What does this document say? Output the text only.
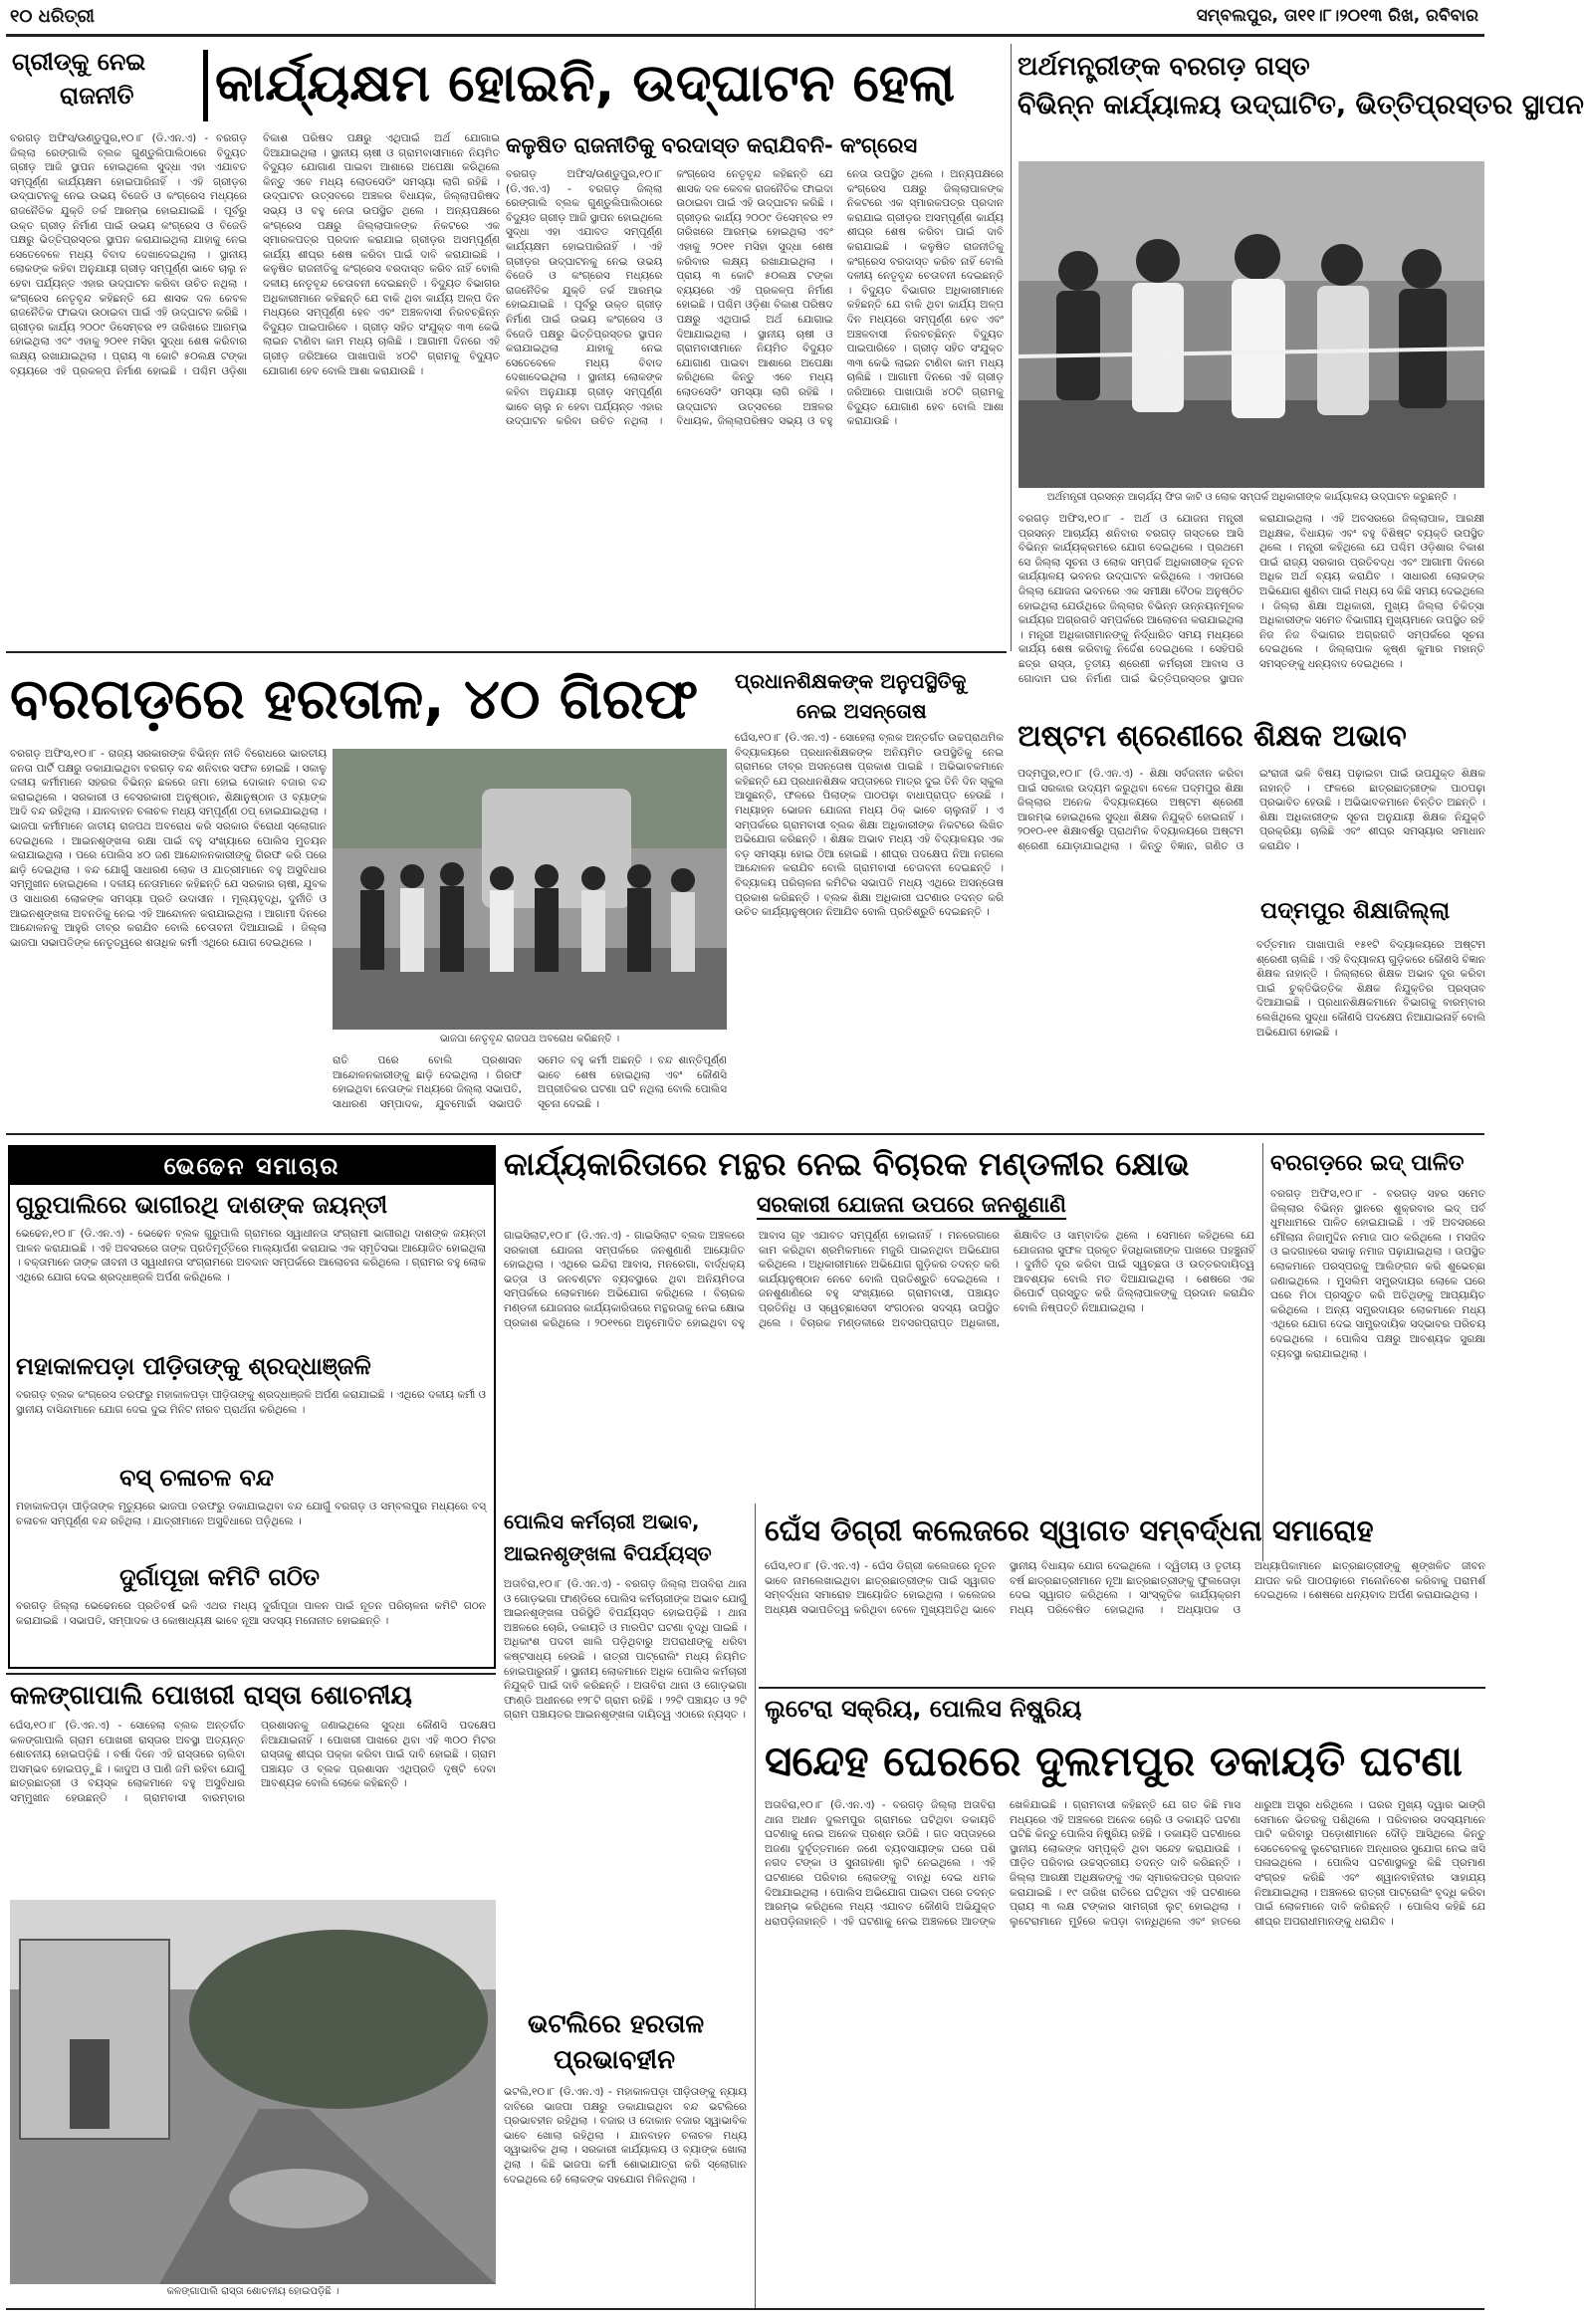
୧୦ ଧରିତ୍ରୀ	ସମ୍ବଲପୁର, ତା୧୧।୮।୨୦୧୩ ରିଖ, ରବିବାର
ଗ୍ରୀଡ୍‌କୁ ନେଇ
ରାଜନୀତି କାର୍ଯ୍ୟକ୍ଷମ ହୋଇନି, ଉଦ୍‌ଘାଟନ ହେଲା
ବରଗଡ଼ ଅଫିସ/ଉଣ୍ଡୁପୁର,୧୦।୮ (ଡି.ଏନ.ଏ) - ବରଗଡ଼ ଜିଲ୍ଲା ରେଙ୍ଗାଲି ବ୍ଲକ ଗୁଣ୍ଡୁଲିପାଲିଠାରେ ବିଦ୍ୟୁତ ଗ୍ରୀଡ଼ ଆଜି ସ୍ଥାପନ ହୋଇଥିଲେ ସୁଦ୍ଧା ଏହା ଏଯାବତ ସମ୍ପୂର୍ଣ୍ଣ କାର୍ଯ୍ୟକ୍ଷମ ହୋଇପାରିନାହିଁ । ଏହି ଗ୍ରୀଡ଼ର ଉଦ୍‌ଘାଟନକୁ ନେଇ ଉଭୟ ବିଜେଡି ଓ କଂଗ୍ରେସ ମଧ୍ୟରେ ରାଜନୈତିକ ଯୁକ୍ତି ତର୍କ ଆରମ୍ଭ ହୋଇଯାଇଛି । ପୂର୍ବରୁ ଉକ୍ତ ଗ୍ରୀଡ଼ ନିର୍ମାଣ ପାଇଁ ଉଭୟ କଂଗ୍ରେସ ଓ ବିଜେଡି ପକ୍ଷରୁ ଭିତ୍ତିପ୍ରସ୍ତର ସ୍ଥାପନ କରାଯାଇଥିଲା ଯାହାକୁ ନେଇ ସେତେବେଳେ ମଧ୍ୟ ବିବାଦ ଦେଖାଦେଇଥିଲା । ସ୍ଥାନୀୟ ଲୋକଙ୍କ କହିବା ଅନୁଯାୟୀ ଗ୍ରୀଡ଼ ସମ୍ପୂର୍ଣ୍ଣ ଭାବେ ଚାଲୁ ନ ହେବା ପର୍ଯ୍ୟନ୍ତ ଏହାର ଉଦ୍‌ଘାଟନ କରିବା ଉଚିତ ନଥିଲା । କଂଗ୍ରେସ ନେତୃବୃନ୍ଦ କହିଛନ୍ତି ଯେ ଶାସକ ଦଳ କେବଳ ରାଜନୈତିକ ଫାଇଦା ଉଠାଇବା ପାଇଁ ଏହି ଉଦ୍‌ଘାଟନ କରିଛି । ଗ୍ରୀଡ଼ର କାର୍ଯ୍ୟ ୨୦୦୯ ଡିସେମ୍ବର ୧୨ ତାରିଖରେ ଆରମ୍ଭ ହୋଇଥିଲା ଏବଂ ଏହାକୁ ୨୦୧୧ ମସିହା ସୁଦ୍ଧା ଶେଷ କରିବାର ଲକ୍ଷ୍ୟ ରଖାଯାଇଥିଲା । ପ୍ରାୟ ୩ କୋଟି ୫୦ଲକ୍ଷ ଟଙ୍କା ବ୍ୟୟରେ ଏହି ପ୍ରକଳ୍ପ ନିର୍ମାଣ ହୋଇଛି । ପଶ୍ଚିମ ଓଡ଼ିଶା ବିକାଶ ପରିଷଦ ପକ୍ଷରୁ ଏଥିପାଇଁ ଅର୍ଥ ଯୋଗାଇ ଦିଆଯାଇଥିଲା । ସ୍ଥାନୀୟ ଚାଷୀ ଓ ଗ୍ରାମବାସୀମାନେ ନିୟମିତ ବିଦ୍ୟୁତ ଯୋଗାଣ ପାଇବା ଆଶାରେ ଅପେକ୍ଷା କରିଥିଲେ କିନ୍ତୁ ଏବେ ମଧ୍ୟ ଲୋଡସେଡିଂ ସମସ୍ୟା ଲାଗି ରହିଛି । ଉଦ୍‌ଘାଟନ ଉତ୍ସବରେ ଅଞ୍ଚଳର ବିଧାୟକ, ଜିଲ୍ଲାପରିଷଦ ସଭ୍ୟ ଓ ବହୁ ନେତା ଉପସ୍ଥିତ ଥିଲେ । ଅନ୍ୟପକ୍ଷରେ କଂଗ୍ରେସ ପକ୍ଷରୁ ଜିଲ୍ଲାପାଳଙ୍କ ନିକଟରେ ଏକ ସ୍ମାରକପତ୍ର ପ୍ରଦାନ କରାଯାଇ ଗ୍ରୀଡ଼ର ଅସମ୍ପୂର୍ଣ୍ଣ କାର୍ଯ୍ୟ ଶୀଘ୍ର ଶେଷ କରିବା ପାଇଁ ଦାବି କରାଯାଇଛି । କଳୁଷିତ ରାଜନୀତିକୁ କଂଗ୍ରେସ ବରଦାସ୍ତ କରିବ ନାହିଁ ବୋଲି ଦଳୀୟ ନେତୃବୃନ୍ଦ ଚେତାବନୀ ଦେଇଛନ୍ତି । ବିଦ୍ୟୁତ ବିଭାଗର ଅଧିକାରୀମାନେ କହିଛନ୍ତି ଯେ ବାକି ଥିବା କାର୍ଯ୍ୟ ଅଳ୍ପ ଦିନ ମଧ୍ୟରେ ସମ୍ପୂର୍ଣ୍ଣ ହେବ ଏବଂ ଅଞ୍ଚଳବାସୀ ନିରବଚ୍ଛିନ୍ନ ବିଦ୍ୟୁତ ପାଇପାରିବେ । ଗ୍ରୀଡ଼ ସହିତ ସଂଯୁକ୍ତ ୩୩ କେଭି ଲାଇନ ଟାଣିବା କାମ ମଧ୍ୟ ଚାଲିଛି । ଆଗାମୀ ଦିନରେ ଏହି ଗ୍ରୀଡ଼ ଜରିଆରେ ପାଖାପାଖି ୪୦ଟି ଗ୍ରାମକୁ ବିଦ୍ୟୁତ ଯୋଗାଣ ହେବ ବୋଲି ଆଶା କରାଯାଉଛି ।
କଳୁଷିତ ରାଜନୀତିକୁ ବରଦାସ୍ତ କରାଯିବନି- କଂଗ୍ରେସ
ବରଗଡ଼ ଅଫିସ/ଉଣ୍ଡୁପୁର,୧୦।୮ (ଡି.ଏନ.ଏ) - ବରଗଡ଼ ଜିଲ୍ଲା ରେଙ୍ଗାଲି ବ୍ଲକ ଗୁଣ୍ଡୁଲିପାଲିଠାରେ ବିଦ୍ୟୁତ ଗ୍ରୀଡ଼ ଆଜି ସ୍ଥାପନ ହୋଇଥିଲେ ସୁଦ୍ଧା ଏହା ଏଯାବତ ସମ୍ପୂର୍ଣ୍ଣ କାର୍ଯ୍ୟକ୍ଷମ ହୋଇପାରିନାହିଁ । ଏହି ଗ୍ରୀଡ଼ର ଉଦ୍‌ଘାଟନକୁ ନେଇ ଉଭୟ ବିଜେଡି ଓ କଂଗ୍ରେସ ମଧ୍ୟରେ ରାଜନୈତିକ ଯୁକ୍ତି ତର୍କ ଆରମ୍ଭ ହୋଇଯାଇଛି । ପୂର୍ବରୁ ଉକ୍ତ ଗ୍ରୀଡ଼ ନିର୍ମାଣ ପାଇଁ ଉଭୟ କଂଗ୍ରେସ ଓ ବିଜେଡି ପକ୍ଷରୁ ଭିତ୍ତିପ୍ରସ୍ତର ସ୍ଥାପନ କରାଯାଇଥିଲା ଯାହାକୁ ନେଇ ସେତେବେଳେ ମଧ୍ୟ ବିବାଦ ଦେଖାଦେଇଥିଲା । ସ୍ଥାନୀୟ ଲୋକଙ୍କ କହିବା ଅନୁଯାୟୀ ଗ୍ରୀଡ଼ ସମ୍ପୂର୍ଣ୍ଣ ଭାବେ ଚାଲୁ ନ ହେବା ପର୍ଯ୍ୟନ୍ତ ଏହାର ଉଦ୍‌ଘାଟନ କରିବା ଉଚିତ ନଥିଲା । କଂଗ୍ରେସ ନେତୃବୃନ୍ଦ କହିଛନ୍ତି ଯେ ଶାସକ ଦଳ କେବଳ ରାଜନୈତିକ ଫାଇଦା ଉଠାଇବା ପାଇଁ ଏହି ଉଦ୍‌ଘାଟନ କରିଛି । ଗ୍ରୀଡ଼ର କାର୍ଯ୍ୟ ୨୦୦୯ ଡିସେମ୍ବର ୧୨ ତାରିଖରେ ଆରମ୍ଭ ହୋଇଥିଲା ଏବଂ ଏହାକୁ ୨୦୧୧ ମସିହା ସୁଦ୍ଧା ଶେଷ କରିବାର ଲକ୍ଷ୍ୟ ରଖାଯାଇଥିଲା । ପ୍ରାୟ ୩ କୋଟି ୫୦ଲକ୍ଷ ଟଙ୍କା ବ୍ୟୟରେ ଏହି ପ୍ରକଳ୍ପ ନିର୍ମାଣ ହୋଇଛି । ପଶ୍ଚିମ ଓଡ଼ିଶା ବିକାଶ ପରିଷଦ ପକ୍ଷରୁ ଏଥିପାଇଁ ଅର୍ଥ ଯୋଗାଇ ଦିଆଯାଇଥିଲା । ସ୍ଥାନୀୟ ଚାଷୀ ଓ ଗ୍ରାମବାସୀମାନେ ନିୟମିତ ବିଦ୍ୟୁତ ଯୋଗାଣ ପାଇବା ଆଶାରେ ଅପେକ୍ଷା କରିଥିଲେ କିନ୍ତୁ ଏବେ ମଧ୍ୟ ଲୋଡସେଡିଂ ସମସ୍ୟା ଲାଗି ରହିଛି । ଉଦ୍‌ଘାଟନ ଉତ୍ସବରେ ଅଞ୍ଚଳର ବିଧାୟକ, ଜିଲ୍ଲାପରିଷଦ ସଭ୍ୟ ଓ ବହୁ ନେତା ଉପସ୍ଥିତ ଥିଲେ । ଅନ୍ୟପକ୍ଷରେ କଂଗ୍ରେସ ପକ୍ଷରୁ ଜିଲ୍ଲାପାଳଙ୍କ ନିକଟରେ ଏକ ସ୍ମାରକପତ୍ର ପ୍ରଦାନ କରାଯାଇ ଗ୍ରୀଡ଼ର ଅସମ୍ପୂର୍ଣ୍ଣ କାର୍ଯ୍ୟ ଶୀଘ୍ର ଶେଷ କରିବା ପାଇଁ ଦାବି କରାଯାଇଛି । କଳୁଷିତ ରାଜନୀତିକୁ କଂଗ୍ରେସ ବରଦାସ୍ତ କରିବ ନାହିଁ ବୋଲି ଦଳୀୟ ନେତୃବୃନ୍ଦ ଚେତାବନୀ ଦେଇଛନ୍ତି । ବିଦ୍ୟୁତ ବିଭାଗର ଅଧିକାରୀମାନେ କହିଛନ୍ତି ଯେ ବାକି ଥିବା କାର୍ଯ୍ୟ ଅଳ୍ପ ଦିନ ମଧ୍ୟରେ ସମ୍ପୂର୍ଣ୍ଣ ହେବ ଏବଂ ଅଞ୍ଚଳବାସୀ ନିରବଚ୍ଛିନ୍ନ ବିଦ୍ୟୁତ ପାଇପାରିବେ । ଗ୍ରୀଡ଼ ସହିତ ସଂଯୁକ୍ତ ୩୩ କେଭି ଲାଇନ ଟାଣିବା କାମ ମଧ୍ୟ ଚାଲିଛି । ଆଗାମୀ ଦିନରେ ଏହି ଗ୍ରୀଡ଼ ଜରିଆରେ ପାଖାପାଖି ୪୦ଟି ଗ୍ରାମକୁ ବିଦ୍ୟୁତ ଯୋଗାଣ ହେବ ବୋଲି ଆଶା କରାଯାଉଛି ।
ଅର୍ଥମନ୍ତ୍ରୀଙ୍କ ବରଗଡ଼ ଗସ୍ତ
ବିଭିନ୍ନ କାର୍ଯ୍ୟାଳୟ ଉଦ୍‌ଘାଟିତ, ଭିତ୍ତିପ୍ରସ୍ତର ସ୍ଥାପନ
ଅର୍ଥମନ୍ତ୍ରୀ ପ୍ରସନ୍ନ ଆଚାର୍ଯ୍ୟ ଫିତା କାଟି ଓ ଲୋକ ସମ୍ପର୍କ ଅଧିକାରୀଙ୍କ କାର୍ଯ୍ୟାଳୟ ଉଦ୍‌ଘାଟନ କରୁଛନ୍ତି ।
ବରଗଡ଼ ଅଫିସ,୧୦।୮ - ଅର୍ଥ ଓ ଯୋଜନା ମନ୍ତ୍ରୀ ପ୍ରସନ୍ନ ଆଚାର୍ଯ୍ୟ ଶନିବାର ବରଗଡ଼ ଗସ୍ତରେ ଆସି ବିଭିନ୍ନ କାର୍ଯ୍ୟକ୍ରମରେ ଯୋଗ ଦେଇଥିଲେ । ପ୍ରଥମେ ସେ ଜିଲ୍ଲା ସୂଚନା ଓ ଲୋକ ସମ୍ପର୍କ ଅଧିକାରୀଙ୍କ ନୂତନ କାର୍ଯ୍ୟାଳୟ ଭବନର ଉଦ୍‌ଘାଟନ କରିଥିଲେ । ଏହାପରେ ଜିଲ୍ଲା ଯୋଜନା ଭବନରେ ଏକ ସମୀକ୍ଷା ବୈଠକ ଅନୁଷ୍ଠିତ ହୋଇଥିଲା ଯେଉଁଥିରେ ଜିଲ୍ଲାର ବିଭିନ୍ନ ଉନ୍ନୟନମୂଳକ କାର୍ଯ୍ୟର ଅଗ୍ରଗତି ସମ୍ପର୍କରେ ଆଲୋଚନା କରାଯାଇଥିଲା । ମନ୍ତ୍ରୀ ଅଧିକାରୀମାନଙ୍କୁ ନିର୍ଦ୍ଧାରିତ ସମୟ ମଧ୍ୟରେ କାର୍ଯ୍ୟ ଶେଷ କରିବାକୁ ନିର୍ଦ୍ଦେଶ ଦେଇଥିଲେ । ସେହିପରି ଛତ୍ର ରାସ୍ତା, ତୃତୀୟ ଶ୍ରେଣୀ କର୍ମଚାରୀ ଆବାସ ଓ ଗୋଦାମ ଘର ନିର୍ମାଣ ପାଇଁ ଭିତ୍ତିପ୍ରସ୍ତର ସ୍ଥାପନ କରାଯାଇଥିଲା । ଏହି ଅବସରରେ ଜିଲ୍ଲାପାଳ, ଆରକ୍ଷୀ ଅଧିକ୍ଷକ, ବିଧାୟକ ଏବଂ ବହୁ ବିଶିଷ୍ଟ ବ୍ୟକ୍ତି ଉପସ୍ଥିତ ଥିଲେ । ମନ୍ତ୍ରୀ କହିଥିଲେ ଯେ ପଶ୍ଚିମ ଓଡ଼ିଶାର ବିକାଶ ପାଇଁ ରାଜ୍ୟ ସରକାର ପ୍ରତିବଦ୍ଧ ଏବଂ ଆଗାମୀ ଦିନରେ ଅଧିକ ଅର୍ଥ ବ୍ୟୟ କରାଯିବ । ସାଧାରଣ ଲୋକଙ୍କ ଅଭିଯୋଗ ଶୁଣିବା ପାଇଁ ମଧ୍ୟ ସେ କିଛି ସମୟ ଦେଇଥିଲେ । ଜିଲ୍ଲା ଶିକ୍ଷା ଅଧିକାରୀ, ମୁଖ୍ୟ ଜିଲ୍ଲା ଚିକିତ୍ସା ଅଧିକାରୀଙ୍କ ସମେତ ବିଭାଗୀୟ ମୁଖ୍ୟମାନେ ଉପସ୍ଥିତ ରହି ନିଜ ନିଜ ବିଭାଗର ଅଗ୍ରଗତି ସମ୍ପର୍କରେ ସୂଚନା ଦେଇଥିଲେ । ଜିଲ୍ଲାପାଳ କୃଷ୍ଣ କୁମାର ମହାନ୍ତି ସମସ୍ତଙ୍କୁ ଧନ୍ୟବାଦ ଦେଇଥିଲେ ।
ବରଗଡ଼ରେ ହରତାଳ, ୪୦ ଗିରଫ
ବରଗଡ଼ ଅଫିସ,୧୦।୮ - ରାଜ୍ୟ ସରକାରଙ୍କ ବିଭିନ୍ନ ନୀତି ବିରୋଧରେ ଭାରତୀୟ ଜନତା ପାର୍ଟି ପକ୍ଷରୁ ଡକାଯାଇଥିବା ବରଗଡ଼ ବନ୍ଦ ଶନିବାର ସଫଳ ହୋଇଛି । ସକାଳୁ ଦଳୀୟ କର୍ମୀମାନେ ସହରର ବିଭିନ୍ନ ଛକରେ ଜମା ହୋଇ ଦୋକାନ ବଜାର ବନ୍ଦ କରାଇଥିଲେ । ସରକାରୀ ଓ ବେସରକାରୀ ଅନୁଷ୍ଠାନ, ଶିକ୍ଷାନୁଷ୍ଠାନ ଓ ବ୍ୟାଙ୍କ ଆଦି ବନ୍ଦ ରହିଥିଲା । ଯାନବାହନ ଚଳାଚଳ ମଧ୍ୟ ସମ୍ପୂର୍ଣ୍ଣ ଠପ୍ ହୋଇଯାଇଥିଲା । ଭାଜପା କର୍ମୀମାନେ ଜାତୀୟ ରାଜପଥ ଅବରୋଧ କରି ସରକାର ବିରୋଧୀ ସ୍ଲୋଗାନ ଦେଇଥିଲେ । ଆଇନଶୃଙ୍ଖଳା ରକ୍ଷା ପାଇଁ ବହୁ ସଂଖ୍ୟାରେ ପୋଲିସ ମୁତୟନ କରାଯାଇଥିଲା । ପରେ ପୋଲିସ ୪୦ ଜଣ ଆନ୍ଦୋଳନକାରୀଙ୍କୁ ଗିରଫ କରି ପରେ ଛାଡ଼ି ଦେଇଥିଲା । ବନ୍ଦ ଯୋଗୁଁ ସାଧାରଣ ଲୋକ ଓ ଯାତ୍ରୀମାନେ ବହୁ ଅସୁବିଧାର ସମ୍ମୁଖୀନ ହୋଇଥିଲେ । ଦଳୀୟ ନେତାମାନେ କହିଛନ୍ତି ଯେ ସରକାର ଚାଷୀ, ଯୁବକ ଓ ସାଧାରଣ ଲୋକଙ୍କ ସମସ୍ୟା ପ୍ରତି ଉଦାସୀନ । ମୂଲ୍ୟବୃଦ୍ଧି, ଦୁର୍ନୀତି ଓ ଆଇନଶୃଙ୍ଖଳା ଅବନତିକୁ ନେଇ ଏହି ଆନ୍ଦୋଳନ କରାଯାଇଥିଲା । ଆଗାମୀ ଦିନରେ ଆନ୍ଦୋଳନକୁ ଆହୁରି ତୀବ୍ର କରାଯିବ ବୋଲି ଚେତାବନୀ ଦିଆଯାଇଛି । ଜିଲ୍ଲା ଭାଜପା ସଭାପତିଙ୍କ ନେତୃତ୍ୱରେ ଶତାଧିକ କର୍ମୀ ଏଥିରେ ଯୋଗ ଦେଇଥିଲେ ।
ଭାଜପା ନେତୃବୃନ୍ଦ ରାଜପଥ ଅବରୋଧ କରିଛନ୍ତି ।
ରାତି ପରେ ବୋଲି ପ୍ରଶାସନ ଆନ୍ଦୋଳନକାରୀଙ୍କୁ ଛାଡ଼ି ଦେଇଥିଲା । ଗିରଫ ହୋଇଥିବା ନେତାଙ୍କ ମଧ୍ୟରେ ଜିଲ୍ଲା ସଭାପତି, ସାଧାରଣ ସମ୍ପାଦକ, ଯୁବମୋର୍ଚ୍ଚା ସଭାପତି ସମେତ ବହୁ କର୍ମୀ ଅଛନ୍ତି । ବନ୍ଦ ଶାନ୍ତିପୂର୍ଣ୍ଣ ଭାବେ ଶେଷ ହୋଇଥିଲା ଏବଂ କୌଣସି ଅପ୍ରୀତିକର ଘଟଣା ଘଟି ନଥିଲା ବୋଲି ପୋଲିସ ସୂଚନା ଦେଇଛି ।
ପ୍ରଧାନଶିକ୍ଷକଙ୍କ ଅନୁପସ୍ଥିତିକୁ
ନେଇ ଅସନ୍ତୋଷ
ଘେଁସ,୧୦।୮ (ଡି.ଏନ.ଏ) - ସୋହେଲା ବ୍ଲକ ଅନ୍ତର୍ଗତ ଉଚ୍ଚପ୍ରାଥମିକ ବିଦ୍ୟାଳୟରେ ପ୍ରଧାନଶିକ୍ଷକଙ୍କ ଅନିୟମିତ ଉପସ୍ଥିତିକୁ ନେଇ ଗ୍ରାମରେ ତୀବ୍ର ଅସନ୍ତୋଷ ପ୍ରକାଶ ପାଇଛି । ଅଭିଭାବକମାନେ କହିଛନ୍ତି ଯେ ପ୍ରଧାନଶିକ୍ଷକ ସପ୍ତାହରେ ମାତ୍ର ଦୁଇ ତିନି ଦିନ ସ୍କୁଲ ଆସୁଛନ୍ତି, ଫଳରେ ପିଲାଙ୍କ ପାଠପଢ଼ା ବାଧାପ୍ରାପ୍ତ ହେଉଛି । ମଧ୍ୟାହ୍ନ ଭୋଜନ ଯୋଜନା ମଧ୍ୟ ଠିକ୍ ଭାବେ ଚାଲୁନାହିଁ । ଏ ସମ୍ପର୍କରେ ଗ୍ରାମବାସୀ ବ୍ଲକ ଶିକ୍ଷା ଅଧିକାରୀଙ୍କ ନିକଟରେ ଲିଖିତ ଅଭିଯୋଗ କରିଛନ୍ତି । ଶିକ୍ଷକ ଅଭାବ ମଧ୍ୟ ଏହି ବିଦ୍ୟାଳୟର ଏକ ବଡ଼ ସମସ୍ୟା ହୋଇ ଠିଆ ହୋଇଛି । ଶୀଘ୍ର ପଦକ୍ଷେପ ନିଆ ନଗଲେ ଆନ୍ଦୋଳନ କରାଯିବ ବୋଲି ଗ୍ରାମବାସୀ ଚେତାବନୀ ଦେଇଛନ୍ତି । ବିଦ୍ୟାଳୟ ପରିଚାଳନା କମିଟିର ସଭାପତି ମଧ୍ୟ ଏଥିରେ ଅସନ୍ତୋଷ ପ୍ରକାଶ କରିଛନ୍ତି । ବ୍ଲକ ଶିକ୍ଷା ଅଧିକାରୀ ଘଟଣାର ତଦନ୍ତ କରି ଉଚିତ କାର୍ଯ୍ୟାନୁଷ୍ଠାନ ନିଆଯିବ ବୋଲି ପ୍ରତିଶ୍ରୁତି ଦେଇଛନ୍ତି ।
ଅଷ୍ଟମ ଶ୍ରେଣୀରେ ଶିକ୍ଷକ ଅଭାବ
ପଦ୍ମପୁର,୧୦।୮ (ଡି.ଏନ.ଏ) - ଶିକ୍ଷା ସର୍ବଜନୀନ କରିବା ପାଇଁ ସରକାର ଉଦ୍ୟମ କରୁଥିବା ବେଳେ ପଦ୍ମପୁର ଶିକ୍ଷା ଜିଲ୍ଲାର ଅନେକ ବିଦ୍ୟାଳୟରେ ଅଷ୍ଟମ ଶ୍ରେଣୀ ଆରମ୍ଭ ହୋଇଥିଲେ ସୁଦ୍ଧା ଶିକ୍ଷକ ନିଯୁକ୍ତି ହୋଇନାହିଁ । ୨୦୧୦-୧୧ ଶିକ୍ଷାବର୍ଷରୁ ପ୍ରାଥମିକ ବିଦ୍ୟାଳୟରେ ଅଷ୍ଟମ ଶ୍ରେଣୀ ଯୋଡ଼ାଯାଇଥିଲା । କିନ୍ତୁ ବିଜ୍ଞାନ, ଗଣିତ ଓ ଇଂରାଜୀ ଭଳି ବିଷୟ ପଢ଼ାଇବା ପାଇଁ ଉପଯୁକ୍ତ ଶିକ୍ଷକ ନାହାନ୍ତି । ଫଳରେ ଛାତ୍ରଛାତ୍ରୀଙ୍କ ପାଠପଢ଼ା ପ୍ରଭାବିତ ହେଉଛି । ଅଭିଭାବକମାନେ ଚିନ୍ତିତ ଅଛନ୍ତି । ଶିକ୍ଷା ଅଧିକାରୀଙ୍କ ସୂଚନା ଅନୁଯାୟୀ ଶିକ୍ଷକ ନିଯୁକ୍ତି ପ୍ରକ୍ରିୟା ଚାଲିଛି ଏବଂ ଶୀଘ୍ର ସମସ୍ୟାର ସମାଧାନ କରାଯିବ ।
ପଦ୍ମପୁର ଶିକ୍ଷାଜିଲ୍ଲା
ବର୍ତ୍ତମାନ ପାଖାପାଖି ୧୫୧ଟି ବିଦ୍ୟାଳୟରେ ଅଷ୍ଟମ ଶ୍ରେଣୀ ଚାଲିଛି । ଏହି ବିଦ୍ୟାଳୟ ଗୁଡ଼ିକରେ କୌଣସି ବିଜ୍ଞାନ ଶିକ୍ଷକ ନାହାନ୍ତି । ଜିଲ୍ଲାରେ ଶିକ୍ଷକ ଅଭାବ ଦୂର କରିବା ପାଇଁ ଚୁକ୍ତିଭିତ୍ତିକ ଶିକ୍ଷକ ନିଯୁକ୍ତିର ପ୍ରସ୍ତାବ ଦିଆଯାଇଛି । ପ୍ରଧାନଶିକ୍ଷକମାନେ ବିଭାଗକୁ ବାରମ୍ବାର ଲେଖିଥିଲେ ସୁଦ୍ଧା କୌଣସି ପଦକ୍ଷେପ ନିଆଯାଇନାହିଁ ବୋଲି ଅଭିଯୋଗ ହୋଇଛି ।
ଭେଢେନ ସମାଚାର
ଗୁରୁପାଲିରେ ଭାଗୀରଥି ଦାଶଙ୍କ ଜୟନ୍ତୀ
ଭେଢେନ,୧୦।୮ (ଡି.ଏନ.ଏ) - ଭେଢେନ ବ୍ଲକ ଗୁରୁପାଲି ଗ୍ରାମରେ ସ୍ୱାଧୀନତା ସଂଗ୍ରାମୀ ଭାଗୀରଥି ଦାଶଙ୍କ ଜୟନ୍ତୀ ପାଳନ କରାଯାଇଛି । ଏହି ଅବସରରେ ତାଙ୍କ ପ୍ରତିମୂର୍ତ୍ତିରେ ମାଲ୍ୟାର୍ପଣ କରାଯାଇ ଏକ ସ୍ମୃତିସଭା ଆୟୋଜିତ ହୋଇଥିଲା । ବକ୍ତାମାନେ ତାଙ୍କ ଜୀବନୀ ଓ ସ୍ୱାଧୀନତା ସଂଗ୍ରାମରେ ଅବଦାନ ସମ୍ପର୍କରେ ଆଲୋଚନା କରିଥିଲେ । ଗ୍ରାମର ବହୁ ଲୋକ ଏଥିରେ ଯୋଗ ଦେଇ ଶ୍ରଦ୍ଧାଞ୍ଜଳି ଅର୍ପଣ କରିଥିଲେ ।
ମହାକାଳପଡ଼ା ପୀଡ଼ିତାଙ୍କୁ ଶ୍ରଦ୍ଧାଞ୍ଜଳି
ବରଗଡ଼ ବ୍ଲକ କଂଗ୍ରେସ ତରଫରୁ ମହାକାଳପଡ଼ା ପୀଡ଼ିତାଙ୍କୁ ଶ୍ରଦ୍ଧାଞ୍ଜଳି ଅର୍ପଣ କରାଯାଇଛି । ଏଥିରେ ଦଳୀୟ କର୍ମୀ ଓ ସ୍ଥାନୀୟ ବାସିନ୍ଦାମାନେ ଯୋଗ ଦେଇ ଦୁଇ ମିନିଟ ନୀରବ ପ୍ରାର୍ଥନା କରିଥିଲେ ।
ବସ୍ ଚଳାଚଳ ବନ୍ଦ
ମହାକାଳପଡ଼ା ପୀଡ଼ିତାଙ୍କ ମୃତ୍ୟୁରେ ଭାଜପା ତରଫରୁ ଡକାଯାଇଥିବା ବନ୍ଦ ଯୋଗୁଁ ବରଗଡ଼ ଓ ସମ୍ବଲପୁର ମଧ୍ୟରେ ବସ୍ ଚଳାଚଳ ସମ୍ପୂର୍ଣ୍ଣ ବନ୍ଦ ରହିଥିଲା । ଯାତ୍ରୀମାନେ ଅସୁବିଧାରେ ପଡ଼ିଥିଲେ ।
ଦୁର୍ଗାପୂଜା କମିଟି ଗଠିତ
ବରଗଡ଼ ଜିଲ୍ଲା ଭେଢେନରେ ପ୍ରତିବର୍ଷ ଭଳି ଏଥର ମଧ୍ୟ ଦୁର୍ଗାପୂଜା ପାଳନ ପାଇଁ ନୂତନ ପରିଚାଳନା କମିଟି ଗଠନ କରାଯାଇଛି । ସଭାପତି, ସମ୍ପାଦକ ଓ କୋଷାଧ୍ୟକ୍ଷ ଭାବେ ନୂଆ ସଦସ୍ୟ ମନୋନୀତ ହୋଇଛନ୍ତି ।
କାର୍ଯ୍ୟକାରିତାରେ ମନ୍ଥର ନେଇ ବିଚାରକ ମଣ୍ଡଳୀର କ୍ଷୋଭ
ସରକାରୀ ଯୋଜନା ଉପରେ ଜନଶୁଣାଣି
ଗାଇସିଲାଟ,୧୦।୮ (ଡି.ଏନ.ଏ) - ଗାଇସିଲାଟ ବ୍ଲକ ଅଞ୍ଚଳରେ ସରକାରୀ ଯୋଜନା ସମ୍ପର୍କରେ ଜନଶୁଣାଣି ଆୟୋଜିତ ହୋଇଥିଲା । ଏଥିରେ ଇନ୍ଦିରା ଆବାସ, ମନରେଗା, ବାର୍ଦ୍ଧକ୍ୟ ଭତ୍ତା ଓ ଜନବଣ୍ଟନ ବ୍ୟବସ୍ଥାରେ ଥିବା ଅନିୟମିତତା ସମ୍ପର୍କରେ ଲୋକମାନେ ଅଭିଯୋଗ କରିଥିଲେ । ବିଚାରକ ମଣ୍ଡଳୀ ଯୋଜନାର କାର୍ଯ୍ୟକାରିତାରେ ମନ୍ଥରତାକୁ ନେଇ କ୍ଷୋଭ ପ୍ରକାଶ କରିଥିଲେ । ୨୦୧୧ରେ ଅନୁମୋଦିତ ହୋଇଥିବା ବହୁ ଆବାସ ଗୃହ ଏଯାବତ ସମ୍ପୂର୍ଣ୍ଣ ହୋଇନାହିଁ । ମନରେଗାରେ କାମ କରିଥିବା ଶ୍ରମିକମାନେ ମଜୁରି ପାଇନଥିବା ଅଭିଯୋଗ କରିଥିଲେ । ଅଧିକାରୀମାନେ ଅଭିଯୋଗ ଗୁଡ଼ିକର ତଦନ୍ତ କରି କାର୍ଯ୍ୟାନୁଷ୍ଠାନ ନେବେ ବୋଲି ପ୍ରତିଶ୍ରୁତି ଦେଇଥିଲେ । ଜନଶୁଣାଣିରେ ବହୁ ସଂଖ୍ୟାରେ ଗ୍ରାମବାସୀ, ପଞ୍ଚାୟତ ପ୍ରତିନିଧି ଓ ସ୍ୱେଚ୍ଛାସେବୀ ସଂଗଠନର ସଦସ୍ୟ ଉପସ୍ଥିତ ଥିଲେ । ବିଚାରକ ମଣ୍ଡଳୀରେ ଅବସରପ୍ରାପ୍ତ ଅଧିକାରୀ, ଶିକ୍ଷାବିତ ଓ ସାମ୍ବାଦିକ ଥିଲେ । ସେମାନେ କହିଥିଲେ ଯେ ଯୋଜନାର ସୁଫଳ ପ୍ରକୃତ ହିତାଧିକାରୀଙ୍କ ପାଖରେ ପହଞ୍ଚୁନାହିଁ । ଦୁର୍ନୀତି ଦୂର କରିବା ପାଇଁ ସ୍ୱଚ୍ଛତା ଓ ଉତ୍ତରଦାୟିତ୍ୱ ଆବଶ୍ୟକ ବୋଲି ମତ ଦିଆଯାଇଥିଲା । ଶେଷରେ ଏକ ରିପୋର୍ଟ ପ୍ରସ୍ତୁତ କରି ଜିଲ୍ଲାପାଳଙ୍କୁ ପ୍ରଦାନ କରାଯିବ ବୋଲି ନିଷ୍ପତ୍ତି ନିଆଯାଇଥିଲା ।
ବରଗଡ଼ରେ ଇଦ୍ ପାଳିତ
ବରଗଡ଼ ଅଫିସ,୧୦।୮ - ବରଗଡ଼ ସହର ସମେତ ଜିଲ୍ଲାର ବିଭିନ୍ନ ସ୍ଥାନରେ ଶୁକ୍ରବାର ଇଦ୍ ପର୍ବ ଧୁମଧାମରେ ପାଳିତ ହୋଇଯାଇଛି । ଏହି ଅବସରରେ ମୌଲାନା ନିଜାମୁଦ୍ଦିନ ନମାଜ ପାଠ କରିଥିଲେ । ମସଜିଦ ଓ ଇଦଗାହରେ ସକାଳୁ ନମାଜ ପଢ଼ାଯାଇଥିଲା । ଉପସ୍ଥିତ ଲୋକମାନେ ପରସ୍ପରକୁ ଆଲିଙ୍ଗନ କରି ଶୁଭେଚ୍ଛା ଜଣାଇଥିଲେ । ମୁସଲିମ ସମ୍ପ୍ରଦାୟର ଲୋକେ ଘରେ ଘରେ ମିଠା ପ୍ରସ୍ତୁତ କରି ଅତିଥିଙ୍କୁ ଆପ୍ୟାୟିତ କରିଥିଲେ । ଅନ୍ୟ ସମ୍ପ୍ରଦାୟର ଲୋକମାନେ ମଧ୍ୟ ଏଥିରେ ଯୋଗ ଦେଇ ସାମ୍ପ୍ରଦାୟିକ ସଦ୍‌ଭାବର ପରିଚୟ ଦେଇଥିଲେ । ପୋଲିସ ପକ୍ଷରୁ ଆବଶ୍ୟକ ସୁରକ୍ଷା ବ୍ୟବସ୍ଥା କରାଯାଇଥିଲା ।
ପୋଲିସ କର୍ମଚାରୀ ଅଭାବ,
ଆଇନଶୃଙ୍ଖଳା ବିପର୍ଯ୍ୟସ୍ତ
ଅତାବିରା,୧୦।୮ (ଡି.ଏନ.ଏ) - ବରଗଡ଼ ଜିଲ୍ଲା ଅତାବିରା ଥାନା ଓ ଗୋଡ଼ଭଗା ଫାଣ୍ଡିରେ ପୋଲିସ କର୍ମଚାରୀଙ୍କ ଅଭାବ ଯୋଗୁଁ ଆଇନଶୃଙ୍ଖଳା ପରିସ୍ଥିତି ବିପର୍ଯ୍ୟସ୍ତ ହୋଇପଡ଼ିଛି । ଥାନା ଅଞ୍ଚଳରେ ଚୋରି, ଡକାୟତି ଓ ମାରପିଟ ଘଟଣା ବୃଦ୍ଧି ପାଇଛି । ଅଧିକାଂଶ ପଦବୀ ଖାଲି ପଡ଼ିଥିବାରୁ ଅପରାଧୀଙ୍କୁ ଧରିବା କଷ୍ଟସାଧ୍ୟ ହେଉଛି । ରାତ୍ରୀ ପାଟ୍ରୋଲିଂ ମଧ୍ୟ ନିୟମିତ ହୋଇପାରୁନାହିଁ । ସ୍ଥାନୀୟ ଲୋକମାନେ ଅଧିକ ପୋଲିସ କର୍ମଚାରୀ ନିଯୁକ୍ତି ପାଇଁ ଦାବି କରିଛନ୍ତି । ଅତାବିରା ଥାନା ଓ ଗୋଡ଼ଭଗା ଫାଣ୍ଡି ଅଧୀନରେ ୧୨୮ଟି ଗ୍ରାମ ରହିଛି । ୨୨ଟି ପଞ୍ଚାୟତ ଓ ୨ଟି ଗ୍ରାମ ପଞ୍ଚାୟତର ଆଇନଶୃଙ୍ଖଳା ଦାୟିତ୍ୱ ଏଠାରେ ନ୍ୟସ୍ତ ।
ଘେଁସ ଡିଗ୍ରୀ କଲେଜରେ ସ୍ୱାଗତ ସମ୍ବର୍ଦ୍ଧନା ସମାରୋହ
ଘେଁସ,୧୦।୮ (ଡି.ଏନ.ଏ) - ଘେଁସ ଡିଗ୍ରୀ କଲେଜରେ ନୂତନ ଭାବେ ନାମଲେଖାଇଥିବା ଛାତ୍ରଛାତ୍ରୀଙ୍କ ପାଇଁ ସ୍ୱାଗତ ସମ୍ବର୍ଦ୍ଧନା ସମାରୋହ ଆୟୋଜିତ ହୋଇଥିଲା । କଲେଜର ଅଧ୍ୟକ୍ଷ ସଭାପତିତ୍ୱ କରିଥିବା ବେଳେ ମୁଖ୍ୟଅତିଥି ଭାବେ ସ୍ଥାନୀୟ ବିଧାୟକ ଯୋଗ ଦେଇଥିଲେ । ଦ୍ୱିତୀୟ ଓ ତୃତୀୟ ବର୍ଷ ଛାତ୍ରଛାତ୍ରୀମାନେ ନୂଆ ଛାତ୍ରଛାତ୍ରୀଙ୍କୁ ଫୁଲତୋଡ଼ା ଦେଇ ସ୍ୱାଗତ କରିଥିଲେ । ସାଂସ୍କୃତିକ କାର୍ଯ୍ୟକ୍ରମ ମଧ୍ୟ ପରିବେଷିତ ହୋଇଥିଲା । ଅଧ୍ୟାପକ ଓ ଅଧ୍ୟାପିକାମାନେ ଛାତ୍ରଛାତ୍ରୀଙ୍କୁ ଶୃଙ୍ଖଳିତ ଜୀବନ ଯାପନ କରି ପାଠପଢ଼ାରେ ମନୋନିବେଶ କରିବାକୁ ପରାମର୍ଶ ଦେଇଥିଲେ । ଶେଷରେ ଧନ୍ୟବାଦ ଅର୍ପଣ କରାଯାଇଥିଲା ।
ଲୁଟେରା ସକ୍ରିୟ, ପୋଲିସ ନିଷ୍କ୍ରିୟ
ସନ୍ଦେହ ଘେରରେ ଦୁଲମପୁର ଡକାୟତି ଘଟଣା
ଅତାବିରା,୧୦।୮ (ଡି.ଏନ.ଏ) - ବରଗଡ଼ ଜିଲ୍ଲା ଅତାବିରା ଥାନା ଅଧୀନ ଦୁଲମପୁର ଗ୍ରାମରେ ଘଟିଥିବା ଡକାୟତି ଘଟଣାକୁ ନେଇ ଅନେକ ପ୍ରଶ୍ନ ଉଠିଛି । ଗତ ସପ୍ତାହରେ ଅଜଣା ଦୁର୍ବୃତ୍ତମାନେ ଜଣେ ବ୍ୟବସାୟୀଙ୍କ ଘରେ ପଶି ନଗଦ ଟଙ୍କା ଓ ସୁନାଗହଣା ଲୁଟି ନେଇଥିଲେ । ଏହି ଘଟଣାରେ ପରିବାର ଲୋକଙ୍କୁ ବାନ୍ଧି ଦେଇ ଧମକ ଦିଆଯାଇଥିଲା । ପୋଲିସ ଅଭିଯୋଗ ପାଇବା ପରେ ତଦନ୍ତ ଆରମ୍ଭ କରିଥିଲେ ମଧ୍ୟ ଏଯାବତ କୌଣସି ଅଭିଯୁକ୍ତ ଧରାପଡ଼ିନାହାନ୍ତି । ଏହି ଘଟଣାକୁ ନେଇ ଅଞ୍ଚଳରେ ଆତଙ୍କ ଖେଳିଯାଇଛି । ଗ୍ରାମବାସୀ କହିଛନ୍ତି ଯେ ଗତ କିଛି ମାସ ମଧ୍ୟରେ ଏହି ଅଞ୍ଚଳରେ ଅନେକ ଚୋରି ଓ ଡକାୟତି ଘଟଣା ଘଟିଛି କିନ୍ତୁ ପୋଲିସ ନିଷ୍କ୍ରିୟ ରହିଛି । ଡକାୟତି ଘଟଣାରେ ସ୍ଥାନୀୟ ଲୋକଙ୍କ ସମ୍ପୃକ୍ତି ଥିବା ସନ୍ଦେହ କରାଯାଉଛି । ପୀଡ଼ିତ ପରିବାର ଉଚ୍ଚସ୍ତରୀୟ ତଦନ୍ତ ଦାବି କରିଛନ୍ତି । ଜିଲ୍ଲା ଆରକ୍ଷୀ ଅଧିକ୍ଷକଙ୍କୁ ଏକ ସ୍ମାରକପତ୍ର ପ୍ରଦାନ କରାଯାଇଛି । ୧୯ ତାରିଖ ରାତିରେ ଘଟିଥିବା ଏହି ଘଟଣାରେ ପ୍ରାୟ ୩ ଲକ୍ଷ ଟଙ୍କାର ସାମଗ୍ରୀ ଲୁଟ୍ ହୋଇଥିଲା । ଲୁଟେରାମାନେ ମୁହଁରେ କପଡ଼ା ବାନ୍ଧିଥିଲେ ଏବଂ ହାତରେ ଧାରୁଆ ଅସ୍ତ୍ର ଧରିଥିଲେ । ଘରର ମୁଖ୍ୟ ଦ୍ୱାର ଭାଙ୍ଗି ସେମାନେ ଭିତରକୁ ପଶିଥିଲେ । ପରିବାରର ସଦସ୍ୟମାନେ ପାଟି କରିବାରୁ ପଡ଼ୋଶୀମାନେ ଦୌଡ଼ି ଆସିଥିଲେ କିନ୍ତୁ ସେତେବେଳକୁ ଲୁଟେରାମାନେ ଅନ୍ଧାରର ସୁଯୋଗ ନେଇ ଖସି ପଳାଇଥିଲେ । ପୋଲିସ ଘଟଣାସ୍ଥଳରୁ କିଛି ପ୍ରମାଣ ସଂଗ୍ରହ କରିଛି ଏବଂ ଶ୍ୱାନବାହିନୀର ସାହାଯ୍ୟ ନିଆଯାଇଥିଲା । ଅଞ୍ଚଳରେ ରାତ୍ରୀ ପାଟ୍ରୋଲିଂ ବୃଦ୍ଧି କରିବା ପାଇଁ ଲୋକମାନେ ଦାବି କରିଛନ୍ତି । ପୋଲିସ କହିଛି ଯେ ଶୀଘ୍ର ଅପରାଧୀମାନଙ୍କୁ ଧରାଯିବ ।
ଭଟଲିରେ ହରତାଳ
ପ୍ରଭାବହୀନ
ଭଟଲି,୧୦।୮ (ଡି.ଏନ.ଏ) - ମହାକାଳପଡ଼ା ପୀଡ଼ିତାଙ୍କୁ ନ୍ୟାୟ ଦାବିରେ ଭାଜପା ପକ୍ଷରୁ ଡକାଯାଇଥିବା ବନ୍ଦ ଭଟଲିରେ ପ୍ରଭାବହୀନ ରହିଥିଲା । ବଜାର ଓ ଦୋକାନ ବଜାର ସ୍ୱାଭାବିକ ଭାବେ ଖୋଲା ରହିଥିଲା । ଯାନବାହନ ଚଳାଚଳ ମଧ୍ୟ ସ୍ୱାଭାବିକ ଥିଲା । ସରକାରୀ କାର୍ଯ୍ୟାଳୟ ଓ ବ୍ୟାଙ୍କ ଖୋଲା ଥିଲା । କିଛି ଭାଜପା କର୍ମୀ ଶୋଭାଯାତ୍ରା କରି ସ୍ଲୋଗାନ ଦେଇଥିଲେ ହେଁ ଲୋକଙ୍କ ସହଯୋଗ ମିଳିନଥିଲା ।
କଳଙ୍ଗାପାଲି ପୋଖରୀ ରାସ୍ତା ଶୋଚନୀୟ
ଘେଁସ,୧୦।୮ (ଡି.ଏନ.ଏ) - ସୋହେଲା ବ୍ଲକ ଅନ୍ତର୍ଗତ କଳଙ୍ଗାପାଲି ଗ୍ରାମ ପୋଖରୀ ରାସ୍ତାର ଅବସ୍ଥା ଅତ୍ୟନ୍ତ ଶୋଚନୀୟ ହୋଇପଡ଼ିଛି । ବର୍ଷା ଦିନେ ଏହି ରାସ୍ତାରେ ଚାଲିବା ଅସମ୍ଭବ ହୋଇପଡ଼ୁଛି । କାଦୁଅ ଓ ପାଣି ଜମି ରହିବା ଯୋଗୁଁ ଛାତ୍ରଛାତ୍ରୀ ଓ ବୟସ୍କ ଲୋକମାନେ ବହୁ ଅସୁବିଧାର ସମ୍ମୁଖୀନ ହେଉଛନ୍ତି । ଗ୍ରାମବାସୀ ବାରମ୍ବାର ପ୍ରଶାସନକୁ ଜଣାଇଥିଲେ ସୁଦ୍ଧା କୌଣସି ପଦକ୍ଷେପ ନିଆଯାଇନାହିଁ । ପୋଖରୀ ପାଖରେ ଥିବା ଏହି ୩୦୦ ମିଟର ରାସ୍ତାକୁ ଶୀଘ୍ର ପକ୍କା କରିବା ପାଇଁ ଦାବି ହୋଇଛି । ଗ୍ରାମ ପଞ୍ଚାୟତ ଓ ବ୍ଲକ ପ୍ରଶାସନ ଏଥିପ୍ରତି ଦୃଷ୍ଟି ଦେବା ଆବଶ୍ୟକ ବୋଲି ଲୋକେ କହିଛନ୍ତି ।
କଳଙ୍ଗାପାଲି ରାସ୍ତା ଶୋଚନୀୟ ହୋଇପଡ଼ିଛି ।
